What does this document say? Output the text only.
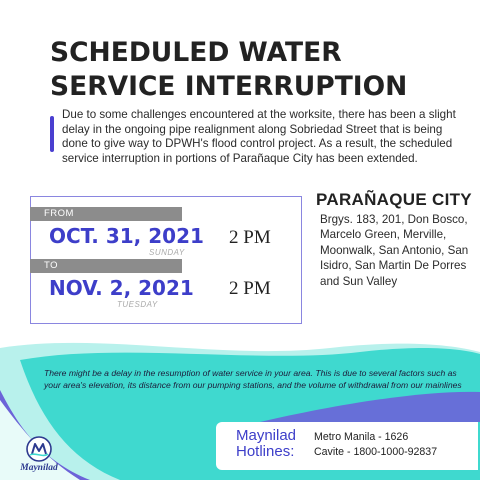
SCHEDULED WATER
SERVICE INTERRUPTION

Due to some challenges encountered at the worksite, there has been a slight delay in the ongoing pipe realignment along Sobriedad Street that is being done to give way to DPWH's flood control project. As a result, the scheduled service interruption in portions of Parañaque City has been extended.

FROM
OCT. 31, 2021
SUNDAY
2 PM
TO
NOV. 2, 2021
TUESDAY
2 PM
PARAÑAQUE CITY

Brgys. 183, 201, Don Bosco, Marcelo Green, Merville, Moonwalk, San Antonio, San Isidro, San Martin De Porres and Sun Valley

There might be a delay in the resumption of water service in your area. This is due to several factors such as your area's elevation, its distance from our pumping stations, and the volume of withdrawal from our mainlines

Maynilad
Maynilad
Hotlines:
Metro Manila - 1626
Cavite - 1800-1000-92837
